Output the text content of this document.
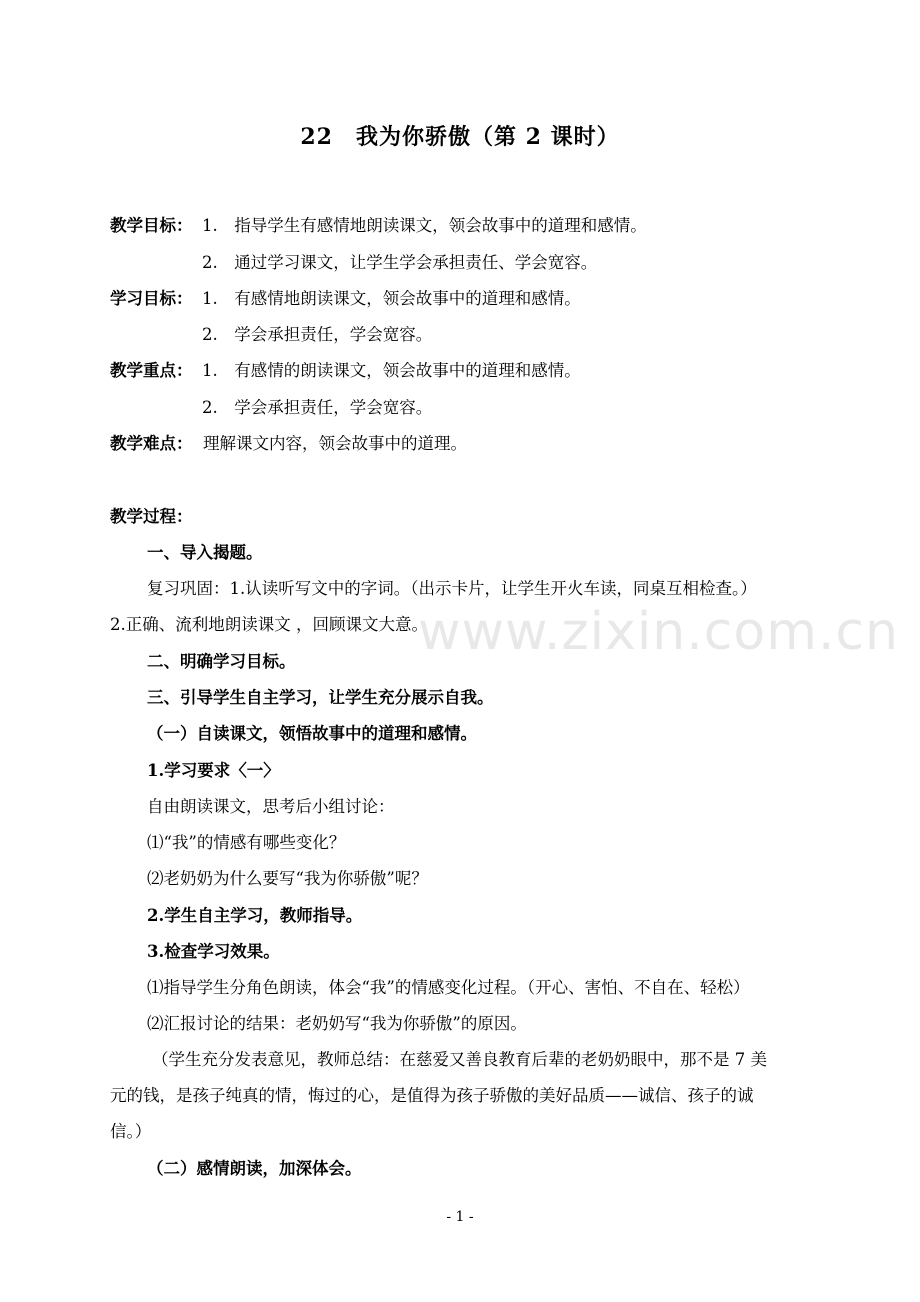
22　我为你骄傲（第 2 课时）
教学目标： 1.　指导学生有感情地朗读课文，领会故事中的道理和感情。
2.　通过学习课文，让学生学会承担责任、学会宽容。
学习目标： 1.　有感情地朗读课文，领会故事中的道理和感情。
2.　学会承担责任，学会宽容。
教学重点： 1.　有感情的朗读课文，领会故事中的道理和感情。
2.　学会承担责任，学会宽容。
教学难点： 理解课文内容，领会故事中的道理。
教学过程：
一、导入揭题。
复习巩固：1.认读听写文中的字词。（出示卡片，让学生开火车读，同桌互相检查。）
2.正确、流利地朗读课文 ，回顾课文大意。
二、明确学习目标。
三、引导学生自主学习，让学生充分展示自我。
（一）自读课文，领悟故事中的道理和感情。
1.学习要求〈一〉
自由朗读课文，思考后小组讨论：
⑴“我”的情感有哪些变化？
⑵老奶奶为什么要写“我为你骄傲”呢？
2.学生自主学习，教师指导。
3.检查学习效果。
⑴指导学生分角色朗读，体会“我”的情感变化过程。（开心、害怕、不自在、轻松）
⑵汇报讨论的结果：老奶奶写“我为你骄傲”的原因。
（学生充分发表意见，教师总结：在慈爱又善良教育后辈的老奶奶眼中，那不是 7 美
元的钱，是孩子纯真的情，悔过的心，是值得为孩子骄傲的美好品质——诚信、孩子的诚
信。）
（二）感情朗读，加深体会。
www.zixin.com.cn
- 1 -
